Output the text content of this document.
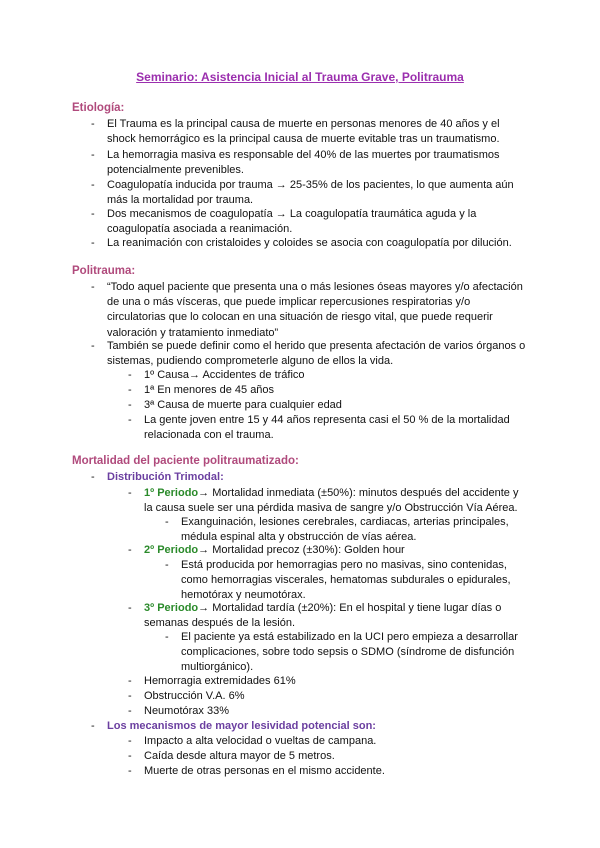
Seminario: Asistencia Inicial al Trauma Grave, Politrauma
Etiología:
- El Trauma es la principal causa de muerte en personas menores de 40 años y el shock hemorrágico es la principal causa de muerte evitable tras un traumatismo.
- La hemorragia masiva es responsable del 40% de las muertes por traumatismos potencialmente prevenibles.
- Coagulopatía inducida por trauma → 25-35% de los pacientes, lo que aumenta aún más la mortalidad por trauma.
- Dos mecanismos de coagulopatía → La coagulopatía traumática aguda y la coagulopatía asociada a reanimación.
- La reanimación con cristaloides y coloides se asocia con coagulopatía por dilución.
Politrauma:
- “Todo aquel paciente que presenta una o más lesiones óseas mayores y/o afectación de una o más vísceras, que puede implicar repercusiones respiratorias y/o circulatorias que lo colocan en una situación de riesgo vital, que puede requerir valoración y tratamiento inmediato”
- También se puede definir como el herido que presenta afectación de varios órganos o sistemas, pudiendo comprometerle alguno de ellos la vida.
- 1º Causa→ Accidentes de tráfico
- 1ª En menores de 45 años
- 3ª Causa de muerte para cualquier edad
- La gente joven entre 15 y 44 años representa casi el 50 % de la mortalidad relacionada con el trauma.
Mortalidad del paciente politraumatizado:
- Distribución Trimodal:
- 1º Periodo→ Mortalidad inmediata (±50%): minutos después del accidente y la causa suele ser una pérdida masiva de sangre y/o Obstrucción Vía Aérea.
- Exanguinación, lesiones cerebrales, cardiacas, arterias principales, médula espinal alta y obstrucción de vías aérea.
- 2º Periodo→ Mortalidad precoz (±30%): Golden hour
- Está producida por hemorragias pero no masivas, sino contenidas, como hemorragias viscerales, hematomas subdurales o epidurales, hemotórax y neumotórax.
- 3º Periodo→ Mortalidad tardía (±20%): En el hospital y tiene lugar días o semanas después de la lesión.
- El paciente ya está estabilizado en la UCI pero empieza a desarrollar complicaciones, sobre todo sepsis o SDMO (síndrome de disfunción multiorgánico).
- Hemorragia extremidades 61%
- Obstrucción V.A. 6%
- Neumotórax 33%
- Los mecanismos de mayor lesividad potencial son:
- Impacto a alta velocidad o vueltas de campana.
- Caída desde altura mayor de 5 metros.
- Muerte de otras personas en el mismo accidente.
